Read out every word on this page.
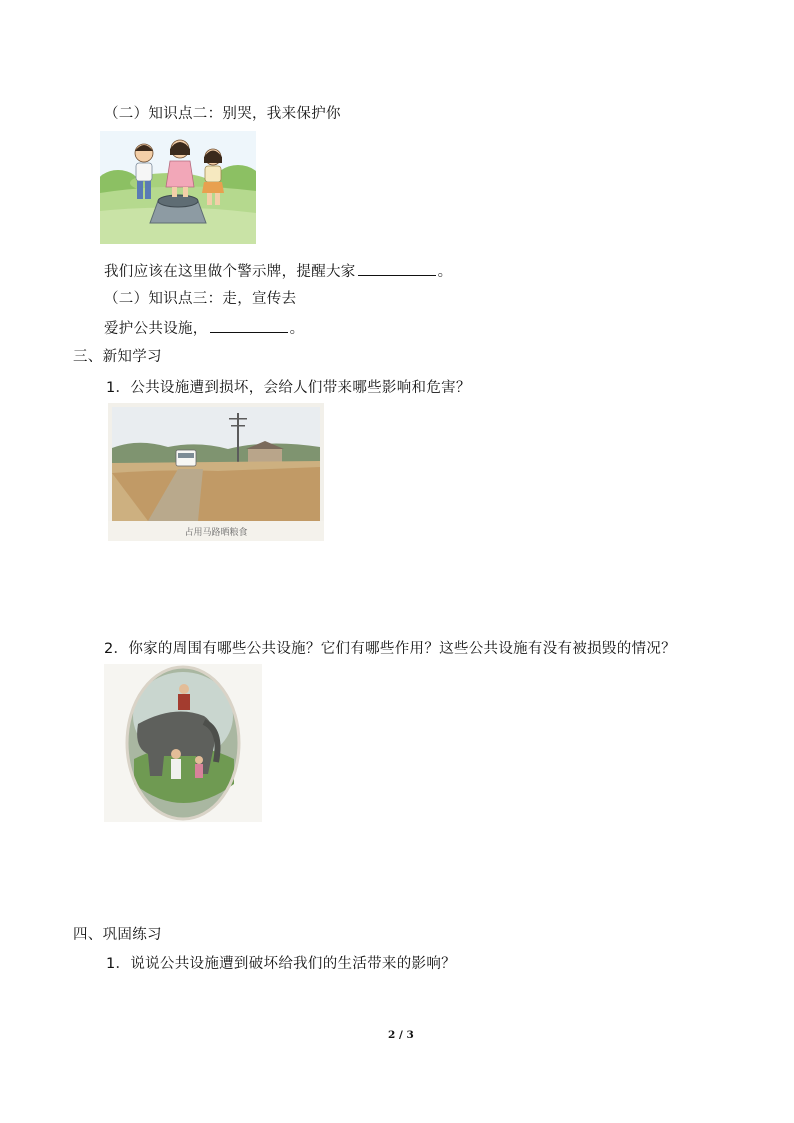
（二）知识点二：别哭，我来保护你
我们应该在这里做个警示牌，提醒大家	。
（二）知识点三：走，宣传去
爱护公共设施，	。
三、新知学习
1．公共设施遭到损坏，会给人们带来哪些影响和危害？
占用马路晒粮食
2．你家的周围有哪些公共设施？它们有哪些作用？这些公共设施有没有被损毁的情况？
四、巩固练习
1．说说公共设施遭到破坏给我们的生活带来的影响？
2 / 3
